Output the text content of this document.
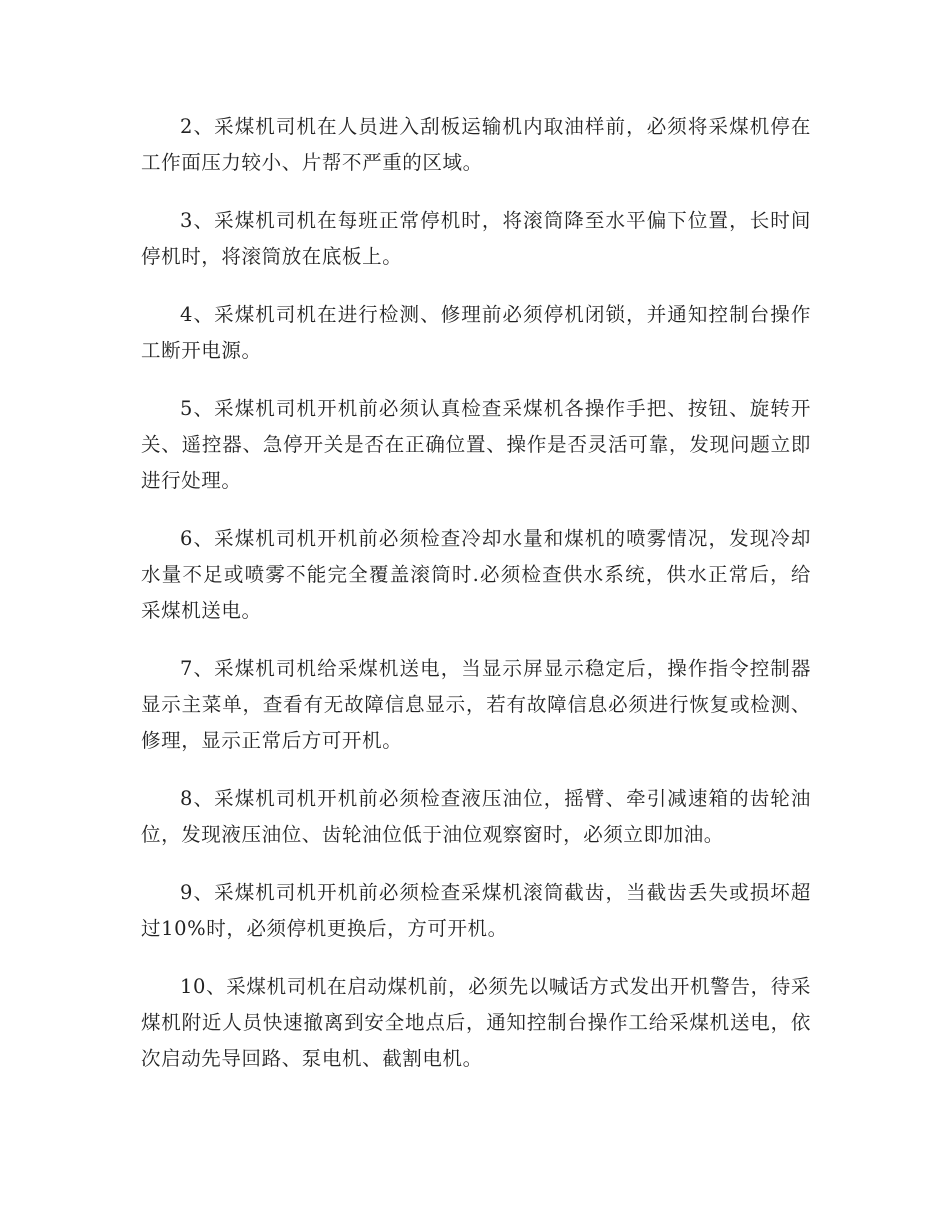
2、采煤机司机在人员进入刮板运输机内取油样前，必须将采煤机停在工作面压力较小、片帮不严重的区域。

3、采煤机司机在每班正常停机时，将滚筒降至水平偏下位置，长时间停机时，将滚筒放在底板上。

4、采煤机司机在进行检测、修理前必须停机闭锁，并通知控制台操作工断开电源。

5、采煤机司机开机前必须认真检查采煤机各操作手把、按钮、旋转开关、遥控器、急停开关是否在正确位置、操作是否灵活可靠，发现问题立即进行处理。

6、采煤机司机开机前必须检查冷却水量和煤机的喷雾情况，发现冷却水量不足或喷雾不能完全覆盖滚筒时.必须检查供水系统，供水正常后，给采煤机送电。

7、采煤机司机给采煤机送电，当显示屏显示稳定后，操作指令控制器显示主菜单，查看有无故障信息显示，若有故障信息必须进行恢复或检测、修理，显示正常后方可开机。

8、采煤机司机开机前必须检查液压油位，摇臂、牵引减速箱的齿轮油位，发现液压油位、齿轮油位低于油位观察窗时，必须立即加油。

9、采煤机司机开机前必须检查采煤机滚筒截齿，当截齿丢失或损坏超过10%时，必须停机更换后，方可开机。

10、采煤机司机在启动煤机前，必须先以喊话方式发出开机警告，待采煤机附近人员快速撤离到安全地点后，通知控制台操作工给采煤机送电，依次启动先导回路、泵电机、截割电机。
